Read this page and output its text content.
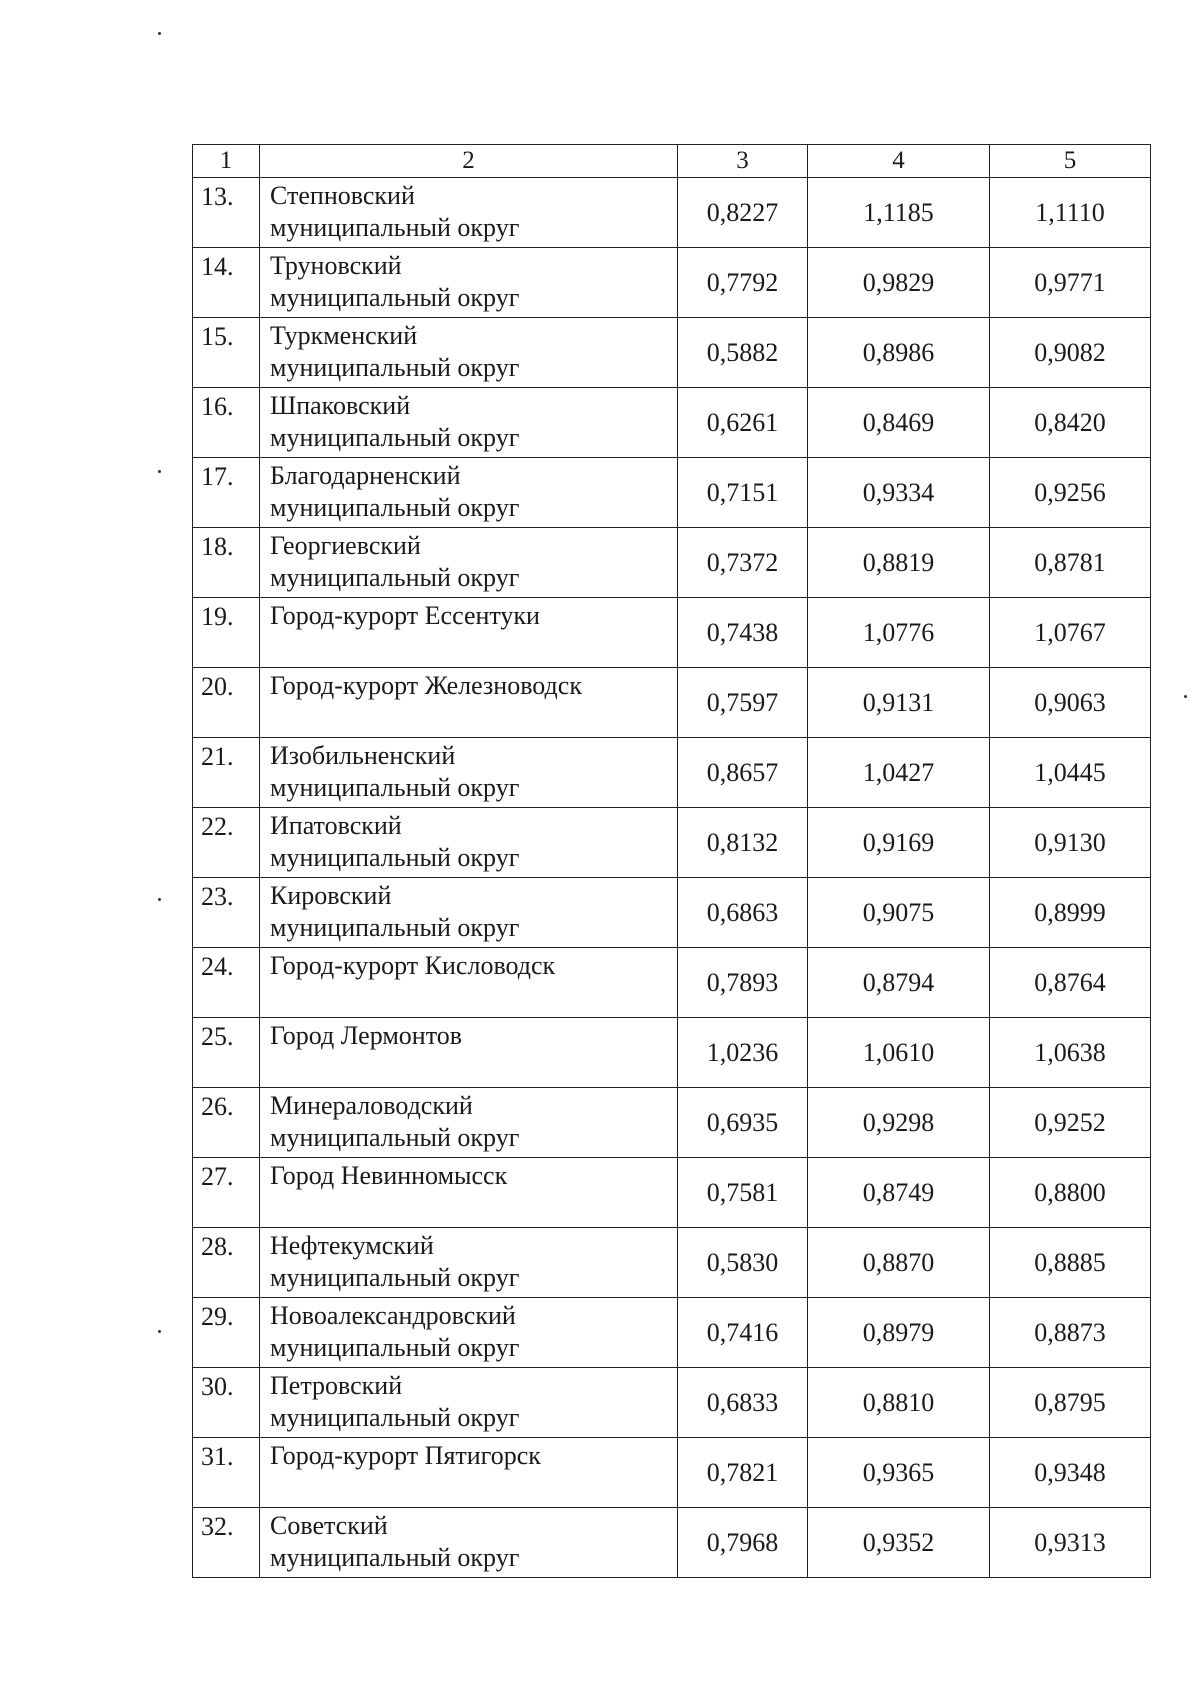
1	2	3	4	5
13.	Степновский
муниципальный округ	0,8227	1,1185	1,1110
14.	Труновский
муниципальный округ	0,7792	0,9829	0,9771
15.	Туркменский
муниципальный округ	0,5882	0,8986	0,9082
16.	Шпаковский
муниципальный округ	0,6261	0,8469	0,8420
17.	Благодарненский
муниципальный округ	0,7151	0,9334	0,9256
18.	Георгиевский
муниципальный округ	0,7372	0,8819	0,8781
19.	Город-курорт Ессентуки	0,7438	1,0776	1,0767
20.	Город-курорт Железноводск	0,7597	0,9131	0,9063
21.	Изобильненский
муниципальный округ	0,8657	1,0427	1,0445
22.	Ипатовский
муниципальный округ	0,8132	0,9169	0,9130
23.	Кировский
муниципальный округ	0,6863	0,9075	0,8999
24.	Город-курорт Кисловодск	0,7893	0,8794	0,8764
25.	Город Лермонтов	1,0236	1,0610	1,0638
26.	Минераловодский
муниципальный округ	0,6935	0,9298	0,9252
27.	Город Невинномысск	0,7581	0,8749	0,8800
28.	Нефтекумский
муниципальный округ	0,5830	0,8870	0,8885
29.	Новоалександровский
муниципальный округ	0,7416	0,8979	0,8873
30.	Петровский
муниципальный округ	0,6833	0,8810	0,8795
31.	Город-курорт Пятигорск	0,7821	0,9365	0,9348
32.	Советский
муниципальный округ	0,7968	0,9352	0,9313
